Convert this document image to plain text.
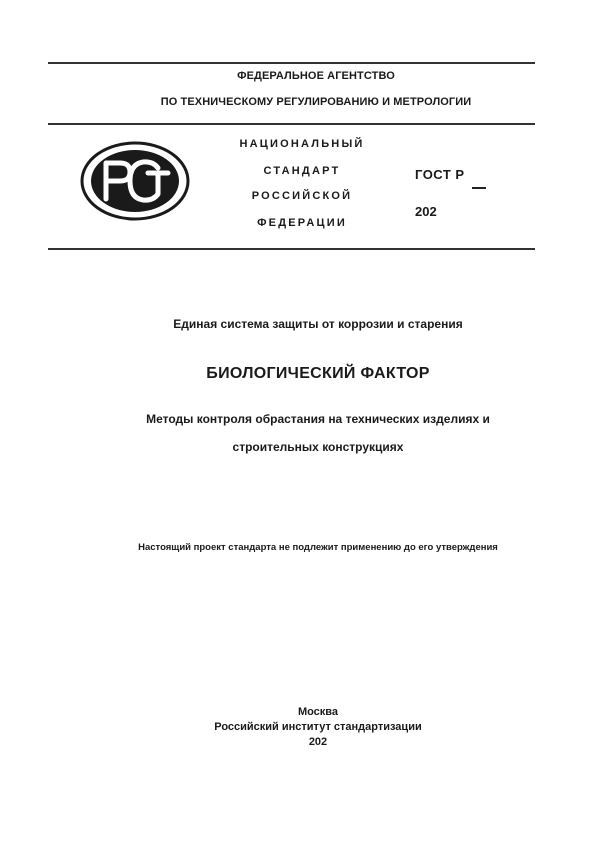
ФЕДЕРАЛЬНОЕ АГЕНТСТВО
ПО ТЕХНИЧЕСКОМУ РЕГУЛИРОВАНИЮ И МЕТРОЛОГИИ
НАЦИОНАЛЬНЫЙ
СТАНДАРТ
РОССИЙСКОЙ
ФЕДЕРАЦИИ
ГОСТ Р
202
Единая система защиты от коррозии и старения
БИОЛОГИЧЕСКИЙ ФАКТОР
Методы контроля обрастания на технических изделиях и
строительных конструкциях
Настоящий проект стандарта не подлежит применению до его утверждения
Москва
Российский институт стандартизации
202
